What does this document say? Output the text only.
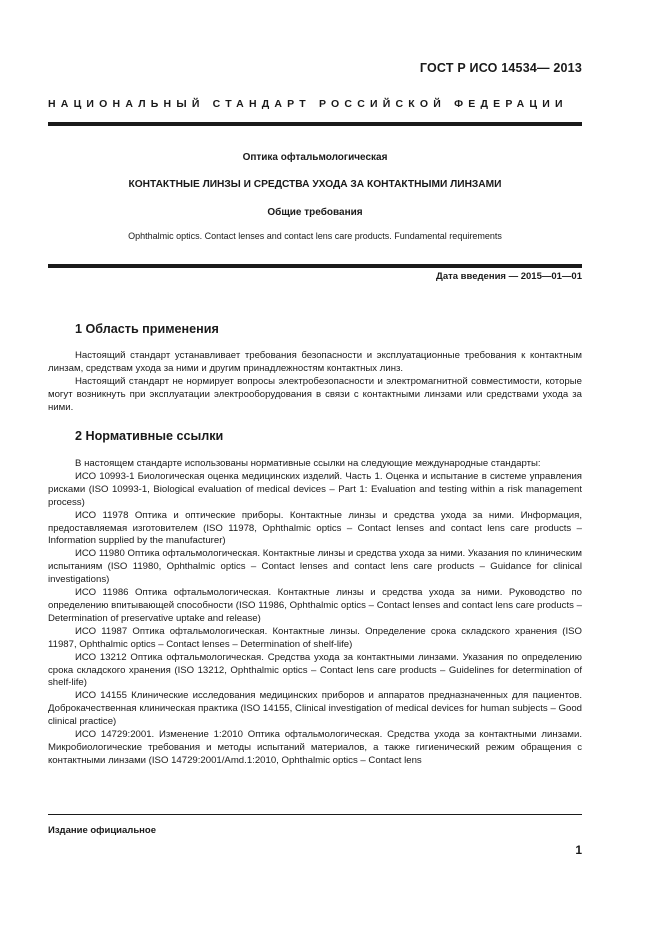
ГОСТ Р ИСО 14534— 2013
НАЦИОНАЛЬНЫЙ СТАНДАРТ РОССИЙСКОЙ ФЕДЕРАЦИИ
Оптика офтальмологическая
КОНТАКТНЫЕ ЛИНЗЫ И СРЕДСТВА УХОДА ЗА КОНТАКТНЫМИ ЛИНЗАМИ
Общие требования
Ophthalmic optics. Contact lenses and contact lens care products. Fundamental requirements
Дата введения — 2015—01—01
1 Область применения

Настоящий стандарт устанавливает требования безопасности и эксплуатационные требования к контактным линзам, средствам ухода за ними и другим принадлежностям контактных линз.

Настоящий стандарт не нормирует вопросы электробезопасности и электромагнитной совместимости, которые могут возникнуть при эксплуатации электрооборудования в связи с контактными линзами или средствами ухода за ними.

2 Нормативные ссылки

В настоящем стандарте использованы нормативные ссылки на следующие международные стандарты:

ИСО 10993-1 Биологическая оценка медицинских изделий. Часть 1. Оценка и испытание в системе управления рисками (ISO 10993-1, Biological evaluation of medical devices – Part 1: Evaluation and testing within a risk management process)

ИСО 11978 Оптика и оптические приборы. Контактные линзы и средства ухода за ними. Информация, предоставляемая изготовителем (ISO 11978, Ophthalmic optics – Contact lenses and contact lens care products – Information supplied by the manufacturer)

ИСО 11980 Оптика офтальмологическая. Контактные линзы и средства ухода за ними. Указания по клиническим испытаниям (ISO 11980, Ophthalmic optics – Contact lenses and contact lens care products – Guidance for clinical investigations)

ИСО 11986 Оптика офтальмологическая. Контактные линзы и средства ухода за ними. Руководство по определению впитывающей способности (ISO 11986, Ophthalmic optics – Contact lenses and contact lens care products – Determination of preservative uptake and release)

ИСО 11987 Оптика офтальмологическая. Контактные линзы. Определение срока складского хранения (ISO 11987, Ophthalmic optics – Contact lenses – Determination of shelf-life)

ИСО 13212 Оптика офтальмологическая. Средства ухода за контактными линзами. Указания по определению срока складского хранения (ISO 13212, Ophthalmic optics – Contact lens care products – Guidelines for determination of shelf-life)

ИСО 14155 Клинические исследования медицинских приборов и аппаратов предназначенных для пациентов. Доброкачественная клиническая практика (ISO 14155, Clinical investigation of medical devices for human subjects – Good clinical practice)

ИСО 14729:2001. Изменение 1:2010 Оптика офтальмологическая. Средства ухода за контактными линзами. Микробиологические требования и методы испытаний материалов, а также гигиенический режим обращения с контактными линзами (ISO 14729:2001/Amd.1:2010, Ophthalmic optics – Contact lens

Издание официальное
1
